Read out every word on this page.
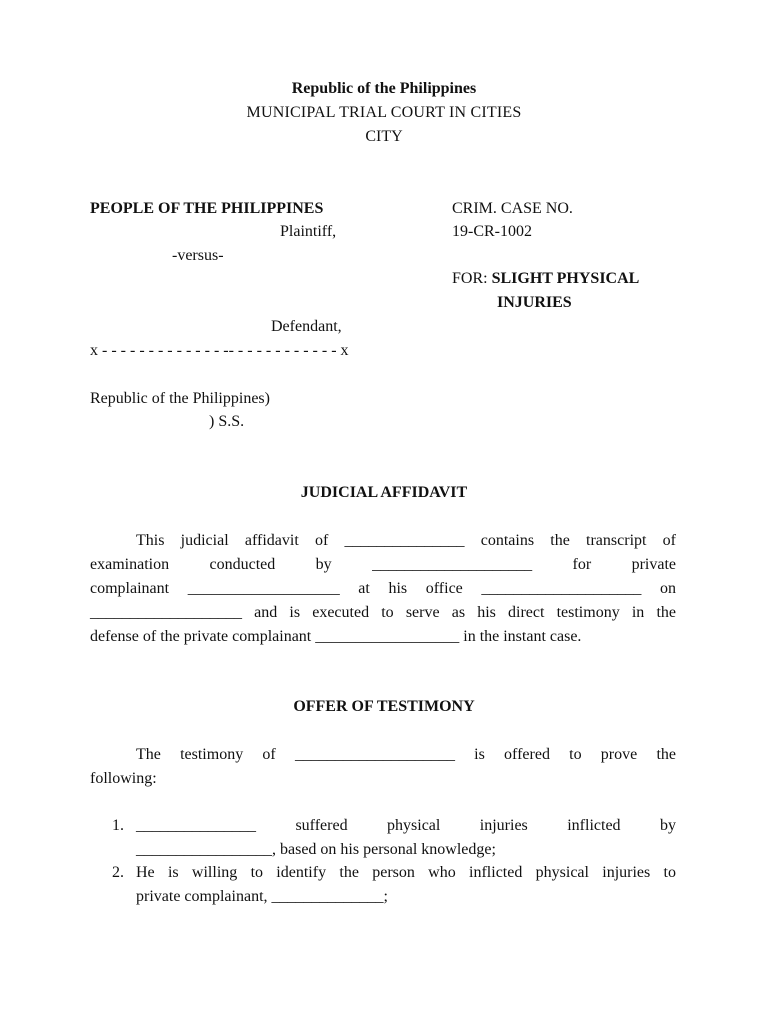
Republic of the Philippines
MUNICIPAL TRIAL COURT IN CITIES
CITY
PEOPLE OF THE PHILIPPINES
Plaintiff,
-versus-
Defendant,
x - - - - - - - - - - - - - -- - - - - - - - - - - - x
CRIM. CASE NO.
19-CR-1002
FOR: SLIGHT PHYSICAL
INJURIES
Republic of the Philippines)
) S.S.
JUDICIAL AFFIDAVIT
This judicial affidavit of _______________ contains the transcript of
examination conducted by ____________________ for private
complainant ___________________ at his office ____________________ on
___________________ and is executed to serve as his direct testimony in the
defense of the private complainant __________________ in the instant case.
OFFER OF TESTIMONY
The testimony of ____________________ is offered to prove the
following:
1. _______________ suffered physical injuries inflicted by
_________________, based on his personal knowledge;
2. He is willing to identify the person who inflicted physical injuries to
private complainant, ______________;
